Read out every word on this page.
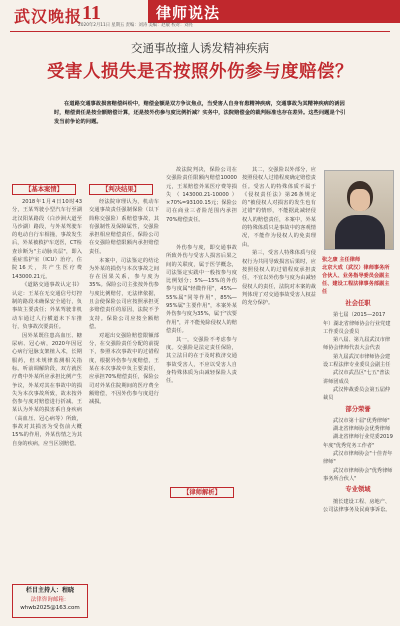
武汉晚报 11	律师说法
2020年2月11日 星期五 责编：刘涛 美编：赵敏 校对：刘亮
交通事故撞人诱发精神疾病
受害人损失是否按照外伤参与度赔偿？
在道路交通事故损害赔偿纠纷中，赔偿金额是双方争议焦点，当受害人自身有患精神疾病，交通事故为其精神疾病的诱因时，赔偿责任是按全额赔偿计算，还是按外伤参与度比例折减？实务中，法院赔偿金的裁判标准也存在差异。这些问题是个引发当前争论的问题。
【基本案情】

2018年1月4日10时43分，王某驾驶小型汽车行至湖北汉阳某路段（白沙洲大道至马沙湖）路段，与外某驾驶车的电动自行车相撞，事故发生后，外某被救护车送医，CT检查诊断为"主动脉夹层"，即入重症监护室（ICU）治疗，住院16天，共产生医疗费143000.21元。

《道路交通事故认定书》认定：王某在无交通信号灯控制的路段未确保安全通行，负事故主要责任；外某驾驶非机动车通过人行横道未下车推行，负事故次要责任。

因外某既往患高血压、糖尿病、冠心病，2020年因冠心病行冠脉支架植入术，长期服药，但未规律监测相关指标。听前调解阶段，双方就医疗费中外某所应承担比例产生争议，外某对其在事故中的损失为本次事故所致，故未按外伤参与度对赔偿进行折减。王某认为外某的损害系自身疾病（高血压、冠心病等）所致，事故对其损害为受伤前大概15%的作用，外某伤情之为其自身的疾病，应当区别赔偿。

【判决结果】

经法院审理认为，机动车交通事故责任强制保险（以下简称交强险）系赔偿事故，其有强制性及保障属性，交强险承担相应赔偿责任，保险公司在交强险赔偿限额内承担赔偿责任。

本案中，司法鉴定的结论为外某的损伤与本次事故之间存在因果关系，参与度为35%。保险公司主张按外伤参与度比例赔付，无法律依据，且会使保险公司应按照承担更多赔偿责任的原因，法院不予支持。保险公司应按全额赔偿。

对超出交强险赔偿限额部分，在交强险责任分配的前提下，参照本次事故中的过错程度，根据外伤参与度赔偿，王某在本次事故中负主要责任，应承担70%赔偿责任，保险公司对外某住院期间的医疗费全额赔偿，不因外伤参与度进行减损。

故法院判决，保险公司在交强险责任限额内赔偿10000元，王某赔偿外某医疗费等损失（143000.21-10000）×70%=93100.15元；保险公司在商业三者险范围内承担70%赔偿责任。

【律师解析】

外伤参与度，即交通事故所致外伤与受害人损害后果之间的关联度，属于医学概念，司法鉴定实践中一般按参与度比例划分；5%—15%的外伤参与度属"轻微作用"，45%—55%属"同等作用"，85%—95%属"主要作用"，本案外某外伤参与度为35%，属于"次要作用"，并不能免除侵权人的赔偿责任。

其一，交强险不考虑参与度。交强险是法定责任保险，其立法目的在于及时救济交通事故受害人，不应以受害人自身特殊体质为由减轻保险人责任。

其二，交强险以外部分，应按照侵权人过错程度确定赔偿责任。受害人的特殊体质不属于《侵权责任法》第26条规定的"被侵权人对损害的发生也有过错"的情形，不能据此减轻侵权人的赔偿责任，本案中，外某的特殊体质只是事故中的客观情况，不能作为侵权人的免责理由。

第三，受害人特殊体质与侵权行为共同导致损害后果时，应按照侵权人的过错程度承担责任，不宜以外伤参与度为由减轻侵权人的责任，法院对本案的裁判体现了对交通事故受害人权益的充分保护。

张之康 主任律师
北京大成（武汉）律师事务所合伙人、业务指导委员会副主任、建设工程法律事务部副主任
社会任职

第七届（2015—2017年）湖北省律师协会行业党建工作委员会委员

第八届、第九届武汉市律师协会律师代表大会代表

第九届武汉市律师协会建设工程法律专业委员会副主任

武汉市武昌区"七五"普法讲师团成员

武汉仲裁委员会第五届仲裁员

部分荣誉

武汉市第十届"优秀律师"

湖北省律师协会优秀律师

湖北省律师行业党委2019年度"优秀党务工作者"

武汉市律师协会"十佳青年律师"

武汉市律师协会"优秀律师事务所合伙人"

专业领域

擅长建设工程、房地产、公司法律事务及民商事诉讼。

栏目主持人：程晓
法律咨询邮箱：
whwb2025@163.com
